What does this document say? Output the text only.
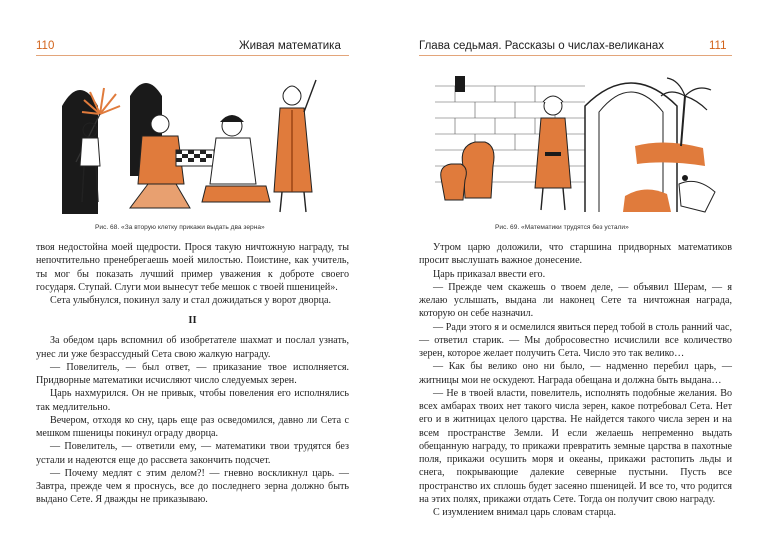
110	Живая математика
Рис. 68. «За вторую клетку прикажи выдать два зерна»

твоя недостойна моей щедрости. Прося такую ничтожную награду, ты непочтительно пренебрегаешь моей милостью. Поистине, как учитель, ты мог бы показать лучший пример уважения к доброте своего государя. Ступай. Слуги мои вынесут тебе мешок с твоей пшеницей».

Сета улыбнулся, покинул залу и стал дожидаться у ворот дворца.

II

За обедом царь вспомнил об изобретателе шахмат и послал узнать, унес ли уже безрассудный Сета свою жалкую награду.

— Повелитель, — был ответ, — приказание твое исполняется. Придворные математики исчисляют число следуемых зерен.

Царь нахмурился. Он не привык, чтобы повеления его исполнялись так медлительно.

Вечером, отходя ко сну, царь еще раз осведомился, давно ли Сета с мешком пшеницы покинул ограду дворца.

— Повелитель, — ответили ему, — математики твои трудятся без устали и надеются еще до рассвета закончить подсчет.

— Почему медлят с этим делом?! — гневно воскликнул царь. — Завтра, прежде чем я проснусь, все до последнего зерна должно быть выдано Сете. Я дважды не приказываю.

Глава седьмая. Рассказы о числах-великанах	111
Рис. 69. «Математики трудятся без устали»

Утром царю доложили, что старшина придворных математиков просит выслушать важное донесение.

Царь приказал ввести его.

— Прежде чем скажешь о твоем деле, — объявил Шерам, — я желаю услышать, выдана ли наконец Сете та ничтожная награда, которую он себе назначил.

— Ради этого я и осмелился явиться перед тобой в столь ранний час, — ответил старик. — Мы добросовестно исчислили все количество зерен, которое желает получить Сета. Число это так велико…

— Как бы велико оно ни было, — надменно перебил царь, — житницы мои не оскудеют. Награда обещана и должна быть выдана…

— Не в твоей власти, повелитель, исполнять подобные желания. Во всех амбарах твоих нет такого числа зерен, какое потребовал Сета. Нет его и в житницах целого царства. Не найдется такого числа зерен и на всем пространстве Земли. И если желаешь непременно выдать обещанную награду, то прикажи превратить земные царства в пахотные поля, прикажи осушить моря и океаны, прикажи растопить льды и снега, покрывающие далекие северные пустыни. Пусть все пространство их сплошь будет засеяно пшеницей. И все то, что родится на этих полях, прикажи отдать Сете. Тогда он получит свою награду.

С изумлением внимал царь словам старца.
